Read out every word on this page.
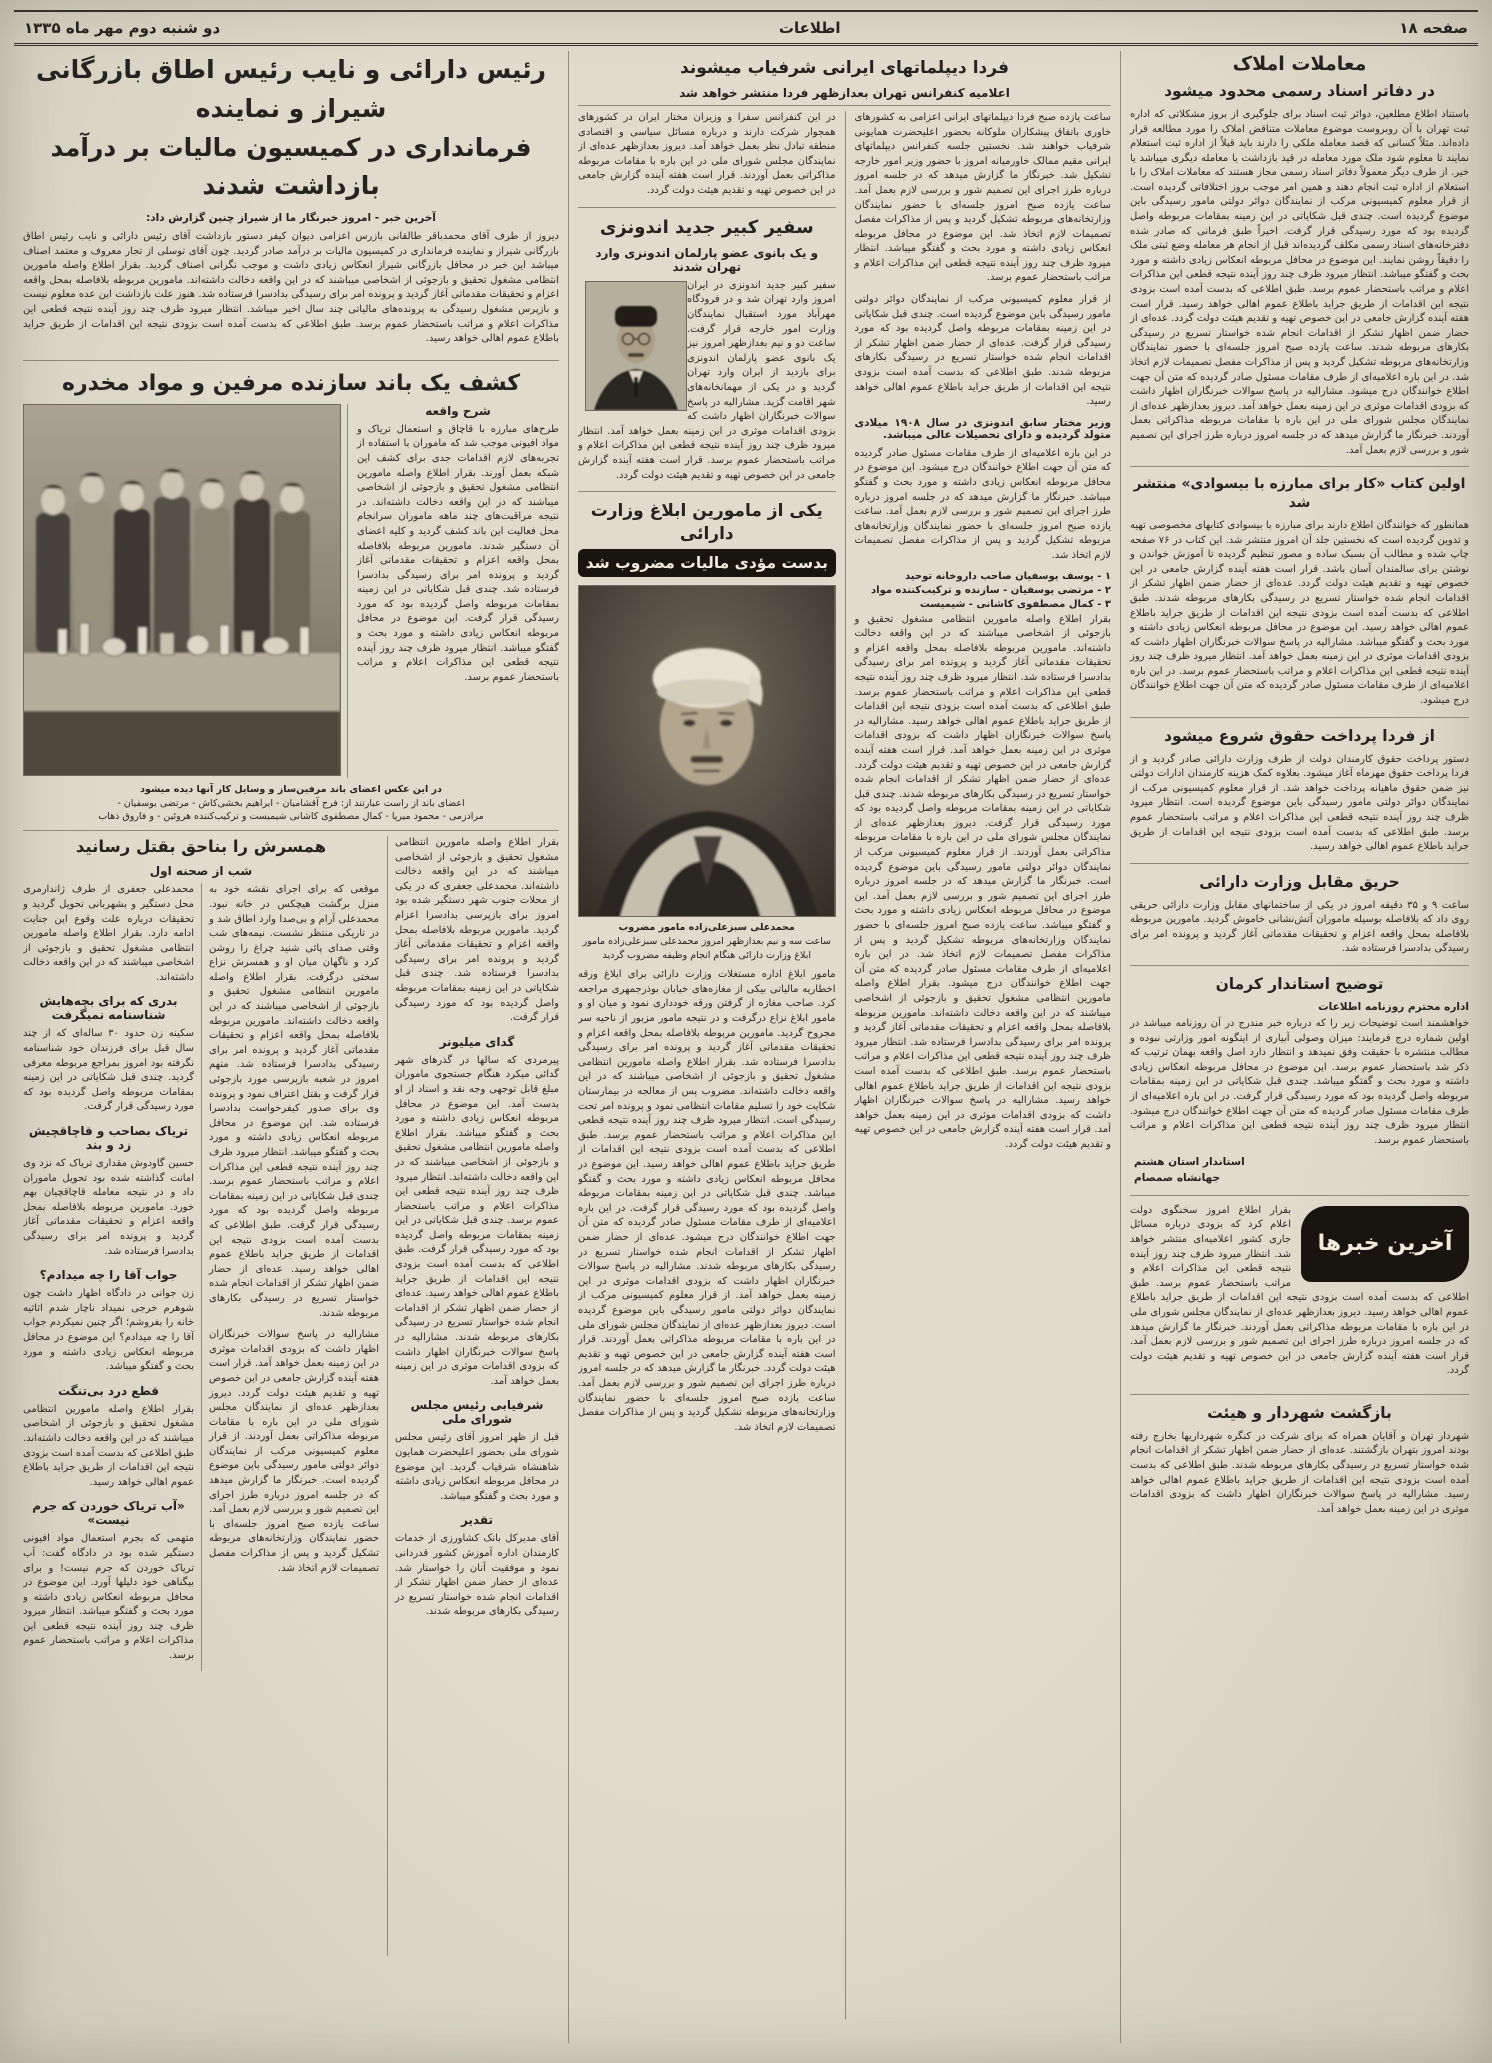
صفحه ۱۸
اطلاعات
دو شنبه دوم مهر ماه ۱۳۳۵
معاملات املاک
در دفاتر اسناد رسمی محدود میشود

باستناد اطلاع مطلعین، دوائر ثبت اسناد برای جلوگیری از بروز مشکلاتی که اداره ثبت تهران با آن روبروست موضوع معاملات متناقض املاک را مورد مطالعه قرار داده‌اند. مثلاً کسانی که قصد معامله ملکی را دارند باید قبلاً از اداره ثبت استعلام نمایند تا معلوم شود ملک مورد معامله در قید بازداشت یا معامله دیگری میباشد یا خیر. از طرف دیگر معمولاً دفاتر اسناد رسمی مجاز هستند که معاملات املاک را با استعلام از اداره ثبت انجام دهند و همین امر موجب بروز اختلافاتی گردیده است. از قرار معلوم کمیسیونی مرکب از نمایندگان دوائر دولتی مامور رسیدگی باین موضوع گردیده است. چندی قبل شکایاتی در این زمینه بمقامات مربوطه واصل گردیده بود که مورد رسیدگی قرار گرفت. اخیراً طبق فرمانی که صادر شده دفترخانه‌های اسناد رسمی مکلف گردیده‌اند قبل از انجام هر معامله وضع ثبتی ملک را دقیقاً روشن نمایند. این موضوع در محافل مربوطه انعکاس زیادی داشته و مورد بحث و گفتگو میباشد. انتظار میرود ظرف چند روز آینده نتیجه قطعی این مذاکرات اعلام و مراتب باستحضار عموم برسد. طبق اطلاعی که بدست آمده است بزودی نتیجه این اقدامات از طریق جراید باطلاع عموم اهالی خواهد رسید. قرار است هفته آینده گزارش جامعی در این خصوص تهیه و تقدیم هیئت دولت گردد. عده‌ای از حضار ضمن اظهار تشکر از اقدامات انجام شده خواستار تسریع در رسیدگی بکارهای مربوطه شدند. ساعت یازده صبح امروز جلسه‌ای با حضور نمایندگان وزارتخانه‌های مربوطه تشکیل گردید و پس از مذاکرات مفصل تصمیمات لازم اتخاذ شد. در این باره اعلامیه‌ای از طرف مقامات مسئول صادر گردیده که متن آن جهت اطلاع خوانندگان درج میشود. مشارالیه در پاسخ سوالات خبرنگاران اظهار داشت که بزودی اقدامات موثری در این زمینه بعمل خواهد آمد. دیروز بعدازظهر عده‌ای از نمایندگان مجلس شورای ملی در این باره با مقامات مربوطه مذاکراتی بعمل آوردند. خبرنگار ما گزارش میدهد که در جلسه امروز درباره طرز اجرای این تصمیم شور و بررسی لازم بعمل آمد.

اولین کتاب «کار برای مبارزه با بیسوادی» منتشر شد

همانطور که خوانندگان اطلاع دارند برای مبارزه با بیسوادی کتابهای مخصوصی تهیه و تدوین گردیده است که نخستین جلد آن امروز منتشر شد. این کتاب در ۷۶ صفحه چاپ شده و مطالب آن بسبک ساده و مصور تنظیم گردیده تا آموزش خواندن و نوشتن برای سالمندان آسان باشد. قرار است هفته آینده گزارش جامعی در این خصوص تهیه و تقدیم هیئت دولت گردد. عده‌ای از حضار ضمن اظهار تشکر از اقدامات انجام شده خواستار تسریع در رسیدگی بکارهای مربوطه شدند. طبق اطلاعی که بدست آمده است بزودی نتیجه این اقدامات از طریق جراید باطلاع عموم اهالی خواهد رسید. این موضوع در محافل مربوطه انعکاس زیادی داشته و مورد بحث و گفتگو میباشد. مشارالیه در پاسخ سوالات خبرنگاران اظهار داشت که بزودی اقدامات موثری در این زمینه بعمل خواهد آمد. انتظار میرود ظرف چند روز آینده نتیجه قطعی این مذاکرات اعلام و مراتب باستحضار عموم برسد. در این باره اعلامیه‌ای از طرف مقامات مسئول صادر گردیده که متن آن جهت اطلاع خوانندگان درج میشود.

از فردا پرداخت حقوق شروع میشود

دستور پرداخت حقوق کارمندان دولت از طرف وزارت دارائی صادر گردید و از فردا پرداخت حقوق مهرماه آغاز میشود. بعلاوه کمک هزینه کارمندان ادارات دولتی نیز ضمن حقوق ماهیانه پرداخت خواهد شد. از قرار معلوم کمیسیونی مرکب از نمایندگان دوائر دولتی مامور رسیدگی باین موضوع گردیده است. انتظار میرود ظرف چند روز آینده نتیجه قطعی این مذاکرات اعلام و مراتب باستحضار عموم برسد. طبق اطلاعی که بدست آمده است بزودی نتیجه این اقدامات از طریق جراید باطلاع عموم اهالی خواهد رسید.

حریق مقابل وزارت دارائی

ساعت ۹ و ۳۵ دقیقه امروز در یکی از ساختمانهای مقابل وزارت دارائی حریقی روی داد که بلافاصله بوسیله ماموران آتش‌نشانی خاموش گردید. مامورین مربوطه بلافاصله بمحل واقعه اعزام و تحقیقات مقدماتی آغاز گردید و پرونده امر برای رسیدگی بدادسرا فرستاده شد.

توضیح استاندار کرمان

اداره محترم روزنامه اطلاعات

خواهشمند است توضیحات زیر را که درباره خبر مندرج در آن روزنامه میباشد در اولین شماره درج فرمایند: میزان وصولی آبیاری از اینگونه امور وزارتی نبوده و مطالب منتشره با حقیقت وفق نمیدهد و انتظار دارد اصل واقعه بهمان ترتیب که ذکر شد باستحضار عموم برسد. این موضوع در محافل مربوطه انعکاس زیادی داشته و مورد بحث و گفتگو میباشد. چندی قبل شکایاتی در این زمینه بمقامات مربوطه واصل گردیده بود که مورد رسیدگی قرار گرفت. در این باره اعلامیه‌ای از طرف مقامات مسئول صادر گردیده که متن آن جهت اطلاع خوانندگان درج میشود. انتظار میرود ظرف چند روز آینده نتیجه قطعی این مذاکرات اعلام و مراتب باستحضار عموم برسد.

استاندار استان هشتم
جهانشاه صمصام
آخرین خبرها

بقرار اطلاع امروز سخنگوی دولت اعلام کرد که بزودی درباره مسائل جاری کشور اعلامیه‌ای منتشر خواهد شد. انتظار میرود ظرف چند روز آینده نتیجه قطعی این مذاکرات اعلام و مراتب باستحضار عموم برسد. طبق اطلاعی که بدست آمده است بزودی نتیجه این اقدامات از طریق جراید باطلاع عموم اهالی خواهد رسید. دیروز بعدازظهر عده‌ای از نمایندگان مجلس شورای ملی در این باره با مقامات مربوطه مذاکراتی بعمل آوردند. خبرنگار ما گزارش میدهد که در جلسه امروز درباره طرز اجرای این تصمیم شور و بررسی لازم بعمل آمد. قرار است هفته آینده گزارش جامعی در این خصوص تهیه و تقدیم هیئت دولت گردد.

بازگشت شهردار و هیئت

شهردار تهران و آقایان همراه که برای شرکت در کنگره شهرداریها بخارج رفته بودند امروز بتهران بازگشتند. عده‌ای از حضار ضمن اظهار تشکر از اقدامات انجام شده خواستار تسریع در رسیدگی بکارهای مربوطه شدند. طبق اطلاعی که بدست آمده است بزودی نتیجه این اقدامات از طریق جراید باطلاع عموم اهالی خواهد رسید. مشارالیه در پاسخ سوالات خبرنگاران اظهار داشت که بزودی اقدامات موثری در این زمینه بعمل خواهد آمد.

فردا دیپلماتهای ایرانی شرفیاب میشوند
اعلامیه کنفرانس تهران بعدازظهر فردا منتشر خواهد شد

ساعت یازده صبح فردا دیپلماتهای ایرانی اعزامی به کشورهای خاوری باتفاق پیشکاران ملوکانه بحضور اعلیحضرت همایونی شرفیاب خواهند شد. نخستین جلسه کنفرانس دیپلماتهای ایرانی مقیم ممالک خاورمیانه امروز با حضور وزیر امور خارجه تشکیل شد. خبرنگار ما گزارش میدهد که در جلسه امروز درباره طرز اجرای این تصمیم شور و بررسی لازم بعمل آمد. ساعت یازده صبح امروز جلسه‌ای با حضور نمایندگان وزارتخانه‌های مربوطه تشکیل گردید و پس از مذاکرات مفصل تصمیمات لازم اتخاذ شد. این موضوع در محافل مربوطه انعکاس زیادی داشته و مورد بحث و گفتگو میباشد. انتظار میرود ظرف چند روز آینده نتیجه قطعی این مذاکرات اعلام و مراتب باستحضار عموم برسد.

از قرار معلوم کمیسیونی مرکب از نمایندگان دوائر دولتی مامور رسیدگی باین موضوع گردیده است. چندی قبل شکایاتی در این زمینه بمقامات مربوطه واصل گردیده بود که مورد رسیدگی قرار گرفت. عده‌ای از حضار ضمن اظهار تشکر از اقدامات انجام شده خواستار تسریع در رسیدگی بکارهای مربوطه شدند. طبق اطلاعی که بدست آمده است بزودی نتیجه این اقدامات از طریق جراید باطلاع عموم اهالی خواهد رسید.

وزیر مختار سابق اندونزی در سال ۱۹۰۸ میلادی متولد گردیده و دارای تحصیلات عالی میباشد.

در این باره اعلامیه‌ای از طرف مقامات مسئول صادر گردیده که متن آن جهت اطلاع خوانندگان درج میشود. این موضوع در محافل مربوطه انعکاس زیادی داشته و مورد بحث و گفتگو میباشد. خبرنگار ما گزارش میدهد که در جلسه امروز درباره طرز اجرای این تصمیم شور و بررسی لازم بعمل آمد. ساعت یازده صبح امروز جلسه‌ای با حضور نمایندگان وزارتخانه‌های مربوطه تشکیل گردید و پس از مذاکرات مفصل تصمیمات لازم اتخاذ شد.

۱ - یوسف یوسفیان صاحب داروخانه توحید
۲ - مرتضی یوسفیان - سازنده و ترکیب‌کننده مواد
۳ - کمال مصطفوی کاشانی - شیمیست

بقرار اطلاع واصله مامورین انتظامی مشغول تحقیق و بازجوئی از اشخاصی میباشند که در این واقعه دخالت داشته‌اند. مامورین مربوطه بلافاصله بمحل واقعه اعزام و تحقیقات مقدماتی آغاز گردید و پرونده امر برای رسیدگی بدادسرا فرستاده شد. انتظار میرود ظرف چند روز آینده نتیجه قطعی این مذاکرات اعلام و مراتب باستحضار عموم برسد. طبق اطلاعی که بدست آمده است بزودی نتیجه این اقدامات از طریق جراید باطلاع عموم اهالی خواهد رسید. مشارالیه در پاسخ سوالات خبرنگاران اظهار داشت که بزودی اقدامات موثری در این زمینه بعمل خواهد آمد. قرار است هفته آینده گزارش جامعی در این خصوص تهیه و تقدیم هیئت دولت گردد. عده‌ای از حضار ضمن اظهار تشکر از اقدامات انجام شده خواستار تسریع در رسیدگی بکارهای مربوطه شدند. چندی قبل شکایاتی در این زمینه بمقامات مربوطه واصل گردیده بود که مورد رسیدگی قرار گرفت. دیروز بعدازظهر عده‌ای از نمایندگان مجلس شورای ملی در این باره با مقامات مربوطه مذاکراتی بعمل آوردند. از قرار معلوم کمیسیونی مرکب از نمایندگان دوائر دولتی مامور رسیدگی باین موضوع گردیده است. خبرنگار ما گزارش میدهد که در جلسه امروز درباره طرز اجرای این تصمیم شور و بررسی لازم بعمل آمد. این موضوع در محافل مربوطه انعکاس زیادی داشته و مورد بحث و گفتگو میباشد. ساعت یازده صبح امروز جلسه‌ای با حضور نمایندگان وزارتخانه‌های مربوطه تشکیل گردید و پس از مذاکرات مفصل تصمیمات لازم اتخاذ شد. در این باره اعلامیه‌ای از طرف مقامات مسئول صادر گردیده که متن آن جهت اطلاع خوانندگان درج میشود. بقرار اطلاع واصله مامورین انتظامی مشغول تحقیق و بازجوئی از اشخاصی میباشند که در این واقعه دخالت داشته‌اند. مامورین مربوطه بلافاصله بمحل واقعه اعزام و تحقیقات مقدماتی آغاز گردید و پرونده امر برای رسیدگی بدادسرا فرستاده شد. انتظار میرود ظرف چند روز آینده نتیجه قطعی این مذاکرات اعلام و مراتب باستحضار عموم برسد. طبق اطلاعی که بدست آمده است بزودی نتیجه این اقدامات از طریق جراید باطلاع عموم اهالی خواهد رسید. مشارالیه در پاسخ سوالات خبرنگاران اظهار داشت که بزودی اقدامات موثری در این زمینه بعمل خواهد آمد. قرار است هفته آینده گزارش جامعی در این خصوص تهیه و تقدیم هیئت دولت گردد.

در این کنفرانس سفرا و وزیران مختار ایران در کشورهای همجوار شرکت دارند و درباره مسائل سیاسی و اقتصادی منطقه تبادل نظر بعمل خواهد آمد. دیروز بعدازظهر عده‌ای از نمایندگان مجلس شورای ملی در این باره با مقامات مربوطه مذاکراتی بعمل آوردند. قرار است هفته آینده گزارش جامعی در این خصوص تهیه و تقدیم هیئت دولت گردد.

سفیر کبیر جدید اندونزی
و یک بانوی عضو پارلمان اندونزی وارد تهران شدند

سفیر کبیر جدید اندونزی در ایران امروز وارد تهران شد و در فرودگاه مهرآباد مورد استقبال نمایندگان وزارت امور خارجه قرار گرفت. ساعت دو و نیم بعدازظهر امروز نیز یک بانوی عضو پارلمان اندونزی برای بازدید از ایران وارد تهران گردید و در یکی از مهمانخانه‌های شهر اقامت گزید. مشارالیه در پاسخ سوالات خبرنگاران اظهار داشت که بزودی اقدامات موثری در این زمینه بعمل خواهد آمد. انتظار میرود ظرف چند روز آینده نتیجه قطعی این مذاکرات اعلام و مراتب باستحضار عموم برسد. قرار است هفته آینده گزارش جامعی در این خصوص تهیه و تقدیم هیئت دولت گردد.

یکی از مامورین ابلاغ وزارت دارائی
بدست مؤدی مالیات مضروب شد

محمدعلی سبزعلی‌زاده مامور مضروب

ساعت سه و نیم بعدازظهر امروز محمدعلی سبزعلی‌زاده مامور ابلاغ وزارت دارائی هنگام انجام وظیفه مضروب گردید

مامور ابلاغ اداره مستغلات وزارت دارائی برای ابلاغ ورقه اخطاریه مالیاتی بیکی از مغازه‌های خیابان بوذرجمهری مراجعه کرد. صاحب مغازه از گرفتن ورقه خودداری نمود و میان او و مامور ابلاغ نزاع درگرفت و در نتیجه مامور مزبور از ناحیه سر مجروح گردید. مامورین مربوطه بلافاصله بمحل واقعه اعزام و تحقیقات مقدماتی آغاز گردید و پرونده امر برای رسیدگی بدادسرا فرستاده شد. بقرار اطلاع واصله مامورین انتظامی مشغول تحقیق و بازجوئی از اشخاصی میباشند که در این واقعه دخالت داشته‌اند. مضروب پس از معالجه در بیمارستان شکایت خود را تسلیم مقامات انتظامی نمود و پرونده امر تحت رسیدگی است. انتظار میرود ظرف چند روز آینده نتیجه قطعی این مذاکرات اعلام و مراتب باستحضار عموم برسد. طبق اطلاعی که بدست آمده است بزودی نتیجه این اقدامات از طریق جراید باطلاع عموم اهالی خواهد رسید. این موضوع در محافل مربوطه انعکاس زیادی داشته و مورد بحث و گفتگو میباشد. چندی قبل شکایاتی در این زمینه بمقامات مربوطه واصل گردیده بود که مورد رسیدگی قرار گرفت. در این باره اعلامیه‌ای از طرف مقامات مسئول صادر گردیده که متن آن جهت اطلاع خوانندگان درج میشود. عده‌ای از حضار ضمن اظهار تشکر از اقدامات انجام شده خواستار تسریع در رسیدگی بکارهای مربوطه شدند. مشارالیه در پاسخ سوالات خبرنگاران اظهار داشت که بزودی اقدامات موثری در این زمینه بعمل خواهد آمد. از قرار معلوم کمیسیونی مرکب از نمایندگان دوائر دولتی مامور رسیدگی باین موضوع گردیده است. دیروز بعدازظهر عده‌ای از نمایندگان مجلس شورای ملی در این باره با مقامات مربوطه مذاکراتی بعمل آوردند. قرار است هفته آینده گزارش جامعی در این خصوص تهیه و تقدیم هیئت دولت گردد. خبرنگار ما گزارش میدهد که در جلسه امروز درباره طرز اجرای این تصمیم شور و بررسی لازم بعمل آمد. ساعت یازده صبح امروز جلسه‌ای با حضور نمایندگان وزارتخانه‌های مربوطه تشکیل گردید و پس از مذاکرات مفصل تصمیمات لازم اتخاذ شد.

رئیس دارائی و نایب رئیس اطاق بازرگانی شیراز و نماینده
فرمانداری در کمیسیون مالیات بر درآمد بازداشت شدند

آخرین خبر - امروز خبرنگار ما از شیراز چنین گزارش داد:

دیروز از طرف آقای محمدباقر طالقانی بازرس اعزامی دیوان کیفر دستور بازداشت آقای رئیس دارائی و نایب رئیس اطاق بازرگانی شیراز و نماینده فرمانداری در کمیسیون مالیات بر درآمد صادر گردید. چون آقای توسلی از تجار معروف و معتمد اصناف میباشد این خبر در محافل بازرگانی شیراز انعکاس زیادی داشت و موجب نگرانی اصناف گردید. بقرار اطلاع واصله مامورین انتظامی مشغول تحقیق و بازجوئی از اشخاصی میباشند که در این واقعه دخالت داشته‌اند. مامورین مربوطه بلافاصله بمحل واقعه اعزام و تحقیقات مقدماتی آغاز گردید و پرونده امر برای رسیدگی بدادسرا فرستاده شد. هنوز علت بازداشت این عده معلوم نیست و بازپرس مشغول رسیدگی به پرونده‌های مالیاتی چند سال اخیر میباشد. انتظار میرود ظرف چند روز آینده نتیجه قطعی این مذاکرات اعلام و مراتب باستحضار عموم برسد. طبق اطلاعی که بدست آمده است بزودی نتیجه این اقدامات از طریق جراید باطلاع عموم اهالی خواهد رسید.

کشف یک باند سازنده مرفین و مواد مخدره
شرح واقعه

طرح‌های مبارزه با قاچاق و استعمال تریاک و مواد افیونی موجب شد که ماموران با استفاده از تجربه‌های لازم اقدامات جدی برای کشف این شبکه بعمل آورند. بقرار اطلاع واصله مامورین انتظامی مشغول تحقیق و بازجوئی از اشخاصی میباشند که در این واقعه دخالت داشته‌اند. در نتیجه مراقبت‌های چند ماهه ماموران سرانجام محل فعالیت این باند کشف گردید و کلیه اعضای آن دستگیر شدند. مامورین مربوطه بلافاصله بمحل واقعه اعزام و تحقیقات مقدماتی آغاز گردید و پرونده امر برای رسیدگی بدادسرا فرستاده شد. چندی قبل شکایاتی در این زمینه بمقامات مربوطه واصل گردیده بود که مورد رسیدگی قرار گرفت. این موضوع در محافل مربوطه انعکاس زیادی داشته و مورد بحث و گفتگو میباشد. انتظار میرود ظرف چند روز آینده نتیجه قطعی این مذاکرات اعلام و مراتب باستحضار عموم برسد.

در این عکس اعضای باند مرفین‌ساز و وسایل کار آنها دیده میشود

اعضای باند از راست عبارتند از: فرج آقشامیان - ابراهیم بخشی‌کاش - مرتضی یوسفیان -

مرادزمی - محمود میرپا - کمال مصطفوی کاشانی شیمیست و ترکیب‌کننده هروئین - و فاروق ذهاب

بقرار اطلاع واصله مامورین انتظامی مشغول تحقیق و بازجوئی از اشخاصی میباشند که در این واقعه دخالت داشته‌اند. محمدعلی جعفری که در یکی از محلات جنوب شهر دستگیر شده بود امروز برای بازپرسی بدادسرا اعزام گردید. مامورین مربوطه بلافاصله بمحل واقعه اعزام و تحقیقات مقدماتی آغاز گردید و پرونده امر برای رسیدگی بدادسرا فرستاده شد. چندی قبل شکایاتی در این زمینه بمقامات مربوطه واصل گردیده بود که مورد رسیدگی قرار گرفت.

گدای میلیونر

پیرمردی که سالها در گذرهای شهر گدائی میکرد هنگام جستجوی ماموران مبلغ قابل توجهی وجه نقد و اسناد از او بدست آمد. این موضوع در محافل مربوطه انعکاس زیادی داشته و مورد بحث و گفتگو میباشد. بقرار اطلاع واصله مامورین انتظامی مشغول تحقیق و بازجوئی از اشخاصی میباشند که در این واقعه دخالت داشته‌اند. انتظار میرود ظرف چند روز آینده نتیجه قطعی این مذاکرات اعلام و مراتب باستحضار عموم برسد. چندی قبل شکایاتی در این زمینه بمقامات مربوطه واصل گردیده بود که مورد رسیدگی قرار گرفت. طبق اطلاعی که بدست آمده است بزودی نتیجه این اقدامات از طریق جراید باطلاع عموم اهالی خواهد رسید. عده‌ای از حضار ضمن اظهار تشکر از اقدامات انجام شده خواستار تسریع در رسیدگی بکارهای مربوطه شدند. مشارالیه در پاسخ سوالات خبرنگاران اظهار داشت که بزودی اقدامات موثری در این زمینه بعمل خواهد آمد.

شرفیابی رئیس مجلس شورای ملی

قبل از ظهر امروز آقای رئیس مجلس شورای ملی بحضور اعلیحضرت همایون شاهنشاه شرفیاب گردید. این موضوع در محافل مربوطه انعکاس زیادی داشته و مورد بحث و گفتگو میباشد.

تقدیر

آقای مدیرکل بانک کشاورزی از خدمات کارمندان اداره آموزش کشور قدردانی نمود و موفقیت آنان را خواستار شد. عده‌ای از حضار ضمن اظهار تشکر از اقدامات انجام شده خواستار تسریع در رسیدگی بکارهای مربوطه شدند.

همسرش را بناحق بقتل رسانید
شب از صحنه اول

موقعی که برای اجرای نقشه خود به منزل برگشت هیچکس در خانه نبود. محمدعلی آرام و بی‌صدا وارد اطاق شد و در تاریکی منتظر نشست. نیمه‌های شب وقتی صدای پائی شنید چراغ را روشن کرد و ناگهان میان او و همسرش نزاع سختی درگرفت. بقرار اطلاع واصله مامورین انتظامی مشغول تحقیق و بازجوئی از اشخاصی میباشند که در این واقعه دخالت داشته‌اند. مامورین مربوطه بلافاصله بمحل واقعه اعزام و تحقیقات مقدماتی آغاز گردید و پرونده امر برای رسیدگی بدادسرا فرستاده شد. متهم امروز در شعبه بازپرسی مورد بازجوئی قرار گرفت و بقتل اعتراف نمود و پرونده وی برای صدور کیفرخواست بدادسرا فرستاده شد. این موضوع در محافل مربوطه انعکاس زیادی داشته و مورد بحث و گفتگو میباشد. انتظار میرود ظرف چند روز آینده نتیجه قطعی این مذاکرات اعلام و مراتب باستحضار عموم برسد. چندی قبل شکایاتی در این زمینه بمقامات مربوطه واصل گردیده بود که مورد رسیدگی قرار گرفت. طبق اطلاعی که بدست آمده است بزودی نتیجه این اقدامات از طریق جراید باطلاع عموم اهالی خواهد رسید. عده‌ای از حضار ضمن اظهار تشکر از اقدامات انجام شده خواستار تسریع در رسیدگی بکارهای مربوطه شدند.

مشارالیه در پاسخ سوالات خبرنگاران اظهار داشت که بزودی اقدامات موثری در این زمینه بعمل خواهد آمد. قرار است هفته آینده گزارش جامعی در این خصوص تهیه و تقدیم هیئت دولت گردد. دیروز بعدازظهر عده‌ای از نمایندگان مجلس شورای ملی در این باره با مقامات مربوطه مذاکراتی بعمل آوردند. از قرار معلوم کمیسیونی مرکب از نمایندگان دوائر دولتی مامور رسیدگی باین موضوع گردیده است. خبرنگار ما گزارش میدهد که در جلسه امروز درباره طرز اجرای این تصمیم شور و بررسی لازم بعمل آمد. ساعت یازده صبح امروز جلسه‌ای با حضور نمایندگان وزارتخانه‌های مربوطه تشکیل گردید و پس از مذاکرات مفصل تصمیمات لازم اتخاذ شد.

محمدعلی جعفری از طرف ژاندارمری محل دستگیر و بشهربانی تحویل گردید و تحقیقات درباره علت وقوع این جنایت ادامه دارد. بقرار اطلاع واصله مامورین انتظامی مشغول تحقیق و بازجوئی از اشخاصی میباشند که در این واقعه دخالت داشته‌اند.

بدری که برای بچه‌هایش شناسنامه نمیگرفت

سکینه زن حدود ۳۰ ساله‌ای که از چند سال قبل برای فرزندان خود شناسنامه نگرفته بود امروز بمراجع مربوطه معرفی گردید. چندی قبل شکایاتی در این زمینه بمقامات مربوطه واصل گردیده بود که مورد رسیدگی قرار گرفت.

تریاک بصاحب و قاچاقچیش زد و بند

حسین گاودوش مقداری تریاک که نزد وی امانت گذاشته شده بود تحویل ماموران داد و در نتیجه معامله قاچاقچیان بهم خورد. مامورین مربوطه بلافاصله بمحل واقعه اعزام و تحقیقات مقدماتی آغاز گردید و پرونده امر برای رسیدگی بدادسرا فرستاده شد.

جواب آقا را چه میدادم؟

زن جوانی در دادگاه اظهار داشت چون شوهرم خرجی نمیداد ناچار شدم اثاثیه خانه را بفروشم؛ اگر چنین نمیکردم جواب آقا را چه میدادم؟ این موضوع در محافل مربوطه انعکاس زیادی داشته و مورد بحث و گفتگو میباشد.

قطع درد بی‌تنگت

بقرار اطلاع واصله مامورین انتظامی مشغول تحقیق و بازجوئی از اشخاصی میباشند که در این واقعه دخالت داشته‌اند. طبق اطلاعی که بدست آمده است بزودی نتیجه این اقدامات از طریق جراید باطلاع عموم اهالی خواهد رسید.

«آب تریاک خوردن که جرم نیست»

متهمی که بجرم استعمال مواد افیونی دستگیر شده بود در دادگاه گفت: آب تریاک خوردن که جرم نیست! و برای بیگناهی خود دلیلها آورد. این موضوع در محافل مربوطه انعکاس زیادی داشته و مورد بحث و گفتگو میباشد. انتظار میرود ظرف چند روز آینده نتیجه قطعی این مذاکرات اعلام و مراتب باستحضار عموم برسد.
